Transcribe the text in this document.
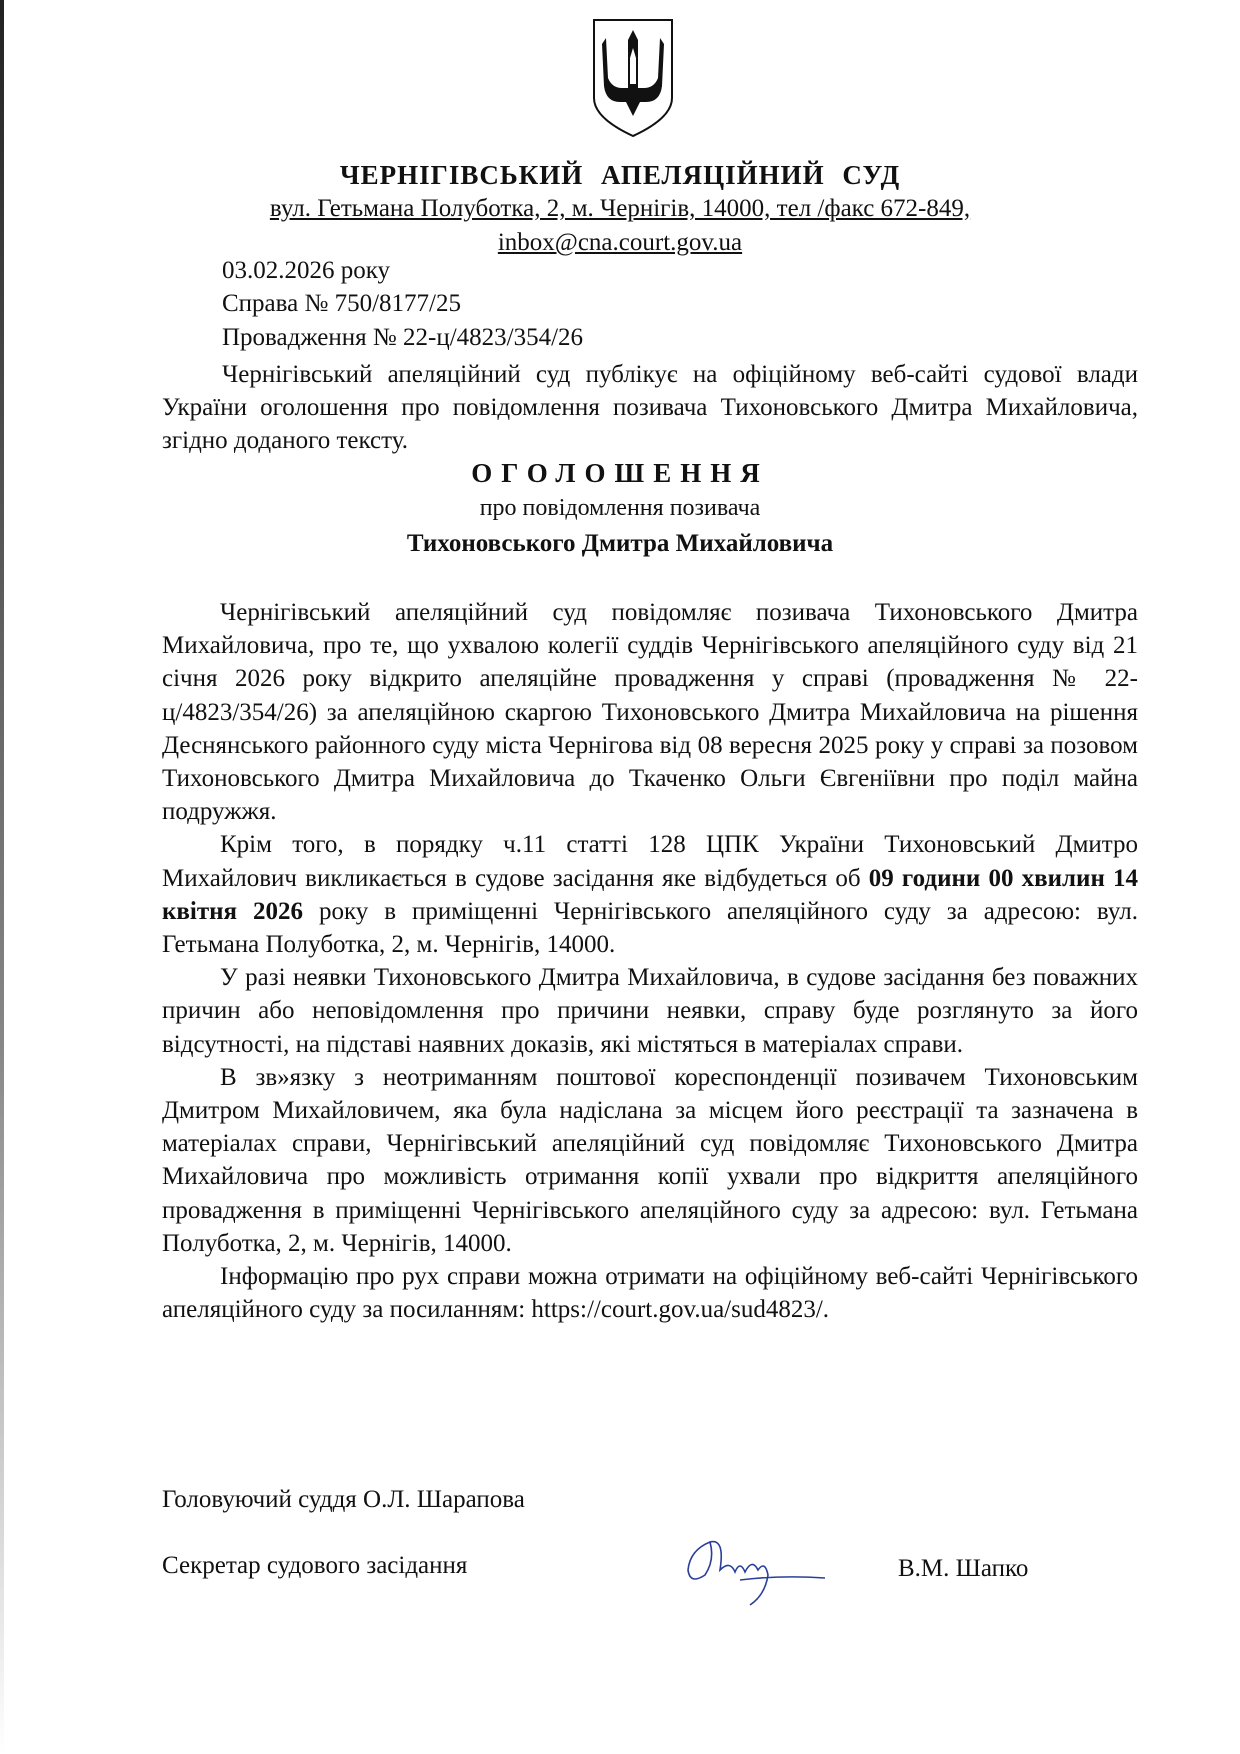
ЧЕРНІГІВСЬКИЙ АПЕЛЯЦІЙНИЙ СУД
вул. Гетьмана Полуботка, 2, м. Чернігів, 14000, тел /факс 672-849,
inbox@cna.court.gov.ua
03.02.2026 року
Справа № 750/8177/25
Провадження № 22-ц/4823/354/26

Чернігівський апеляційний суд публікує на офіційному веб-сайті судової влади України оголошення про повідомлення позивача Тихоновського Дмитра Михайловича, згідно доданого тексту.

ОГОЛОШЕННЯ
про повідомлення позивача
Тихоновського Дмитра Михайловича

Чернігівський апеляційний суд повідомляє позивача Тихоновського Дмитра Михайловича, про те, що ухвалою колегії суддів Чернігівського апеляційного суду від 21 січня 2026 року відкрито апеляційне провадження у справі (провадження № 22-ц/4823/354/26) за апеляційною скаргою Тихоновського Дмитра Михайловича на рішення Деснянського районного суду міста Чернігова від 08 вересня 2025 року у справі за позовом Тихоновського Дмитра Михайловича до Ткаченко Ольги Євгеніївни про поділ майна подружжя.

Крім того, в порядку ч.11 статті 128 ЦПК України Тихоновський Дмитро Михайлович викликається в судове засідання яке відбудеться об 09 години 00 хвилин 14 квітня 2026 року в приміщенні Чернігівського апеляційного суду за адресою: вул. Гетьмана Полуботка, 2, м. Чернігів, 14000.

У разі неявки Тихоновського Дмитра Михайловича, в судове засідання без поважних причин або неповідомлення про причини неявки, справу буде розглянуто за його відсутності, на підставі наявних доказів, які містяться в матеріалах справи.

В зв»язку з неотриманням поштової кореспонденції позивачем Тихоновським Дмитром Михайловичем, яка була надіслана за місцем його реєстрації та зазначена в матеріалах справи, Чернігівський апеляційний суд повідомляє Тихоновського Дмитра Михайловича про можливість отримання копії ухвали про відкриття апеляційного провадження в приміщенні Чернігівського апеляційного суду за адресою: вул. Гетьмана Полуботка, 2, м. Чернігів, 14000.

Інформацію про рух справи можна отримати на офіційному веб-сайті Чернігівського апеляційного суду за посиланням: https://court.gov.ua/sud4823/.

Головуючий суддя О.Л. Шарапова
Секретар судового засідання	В.М. Шапко
